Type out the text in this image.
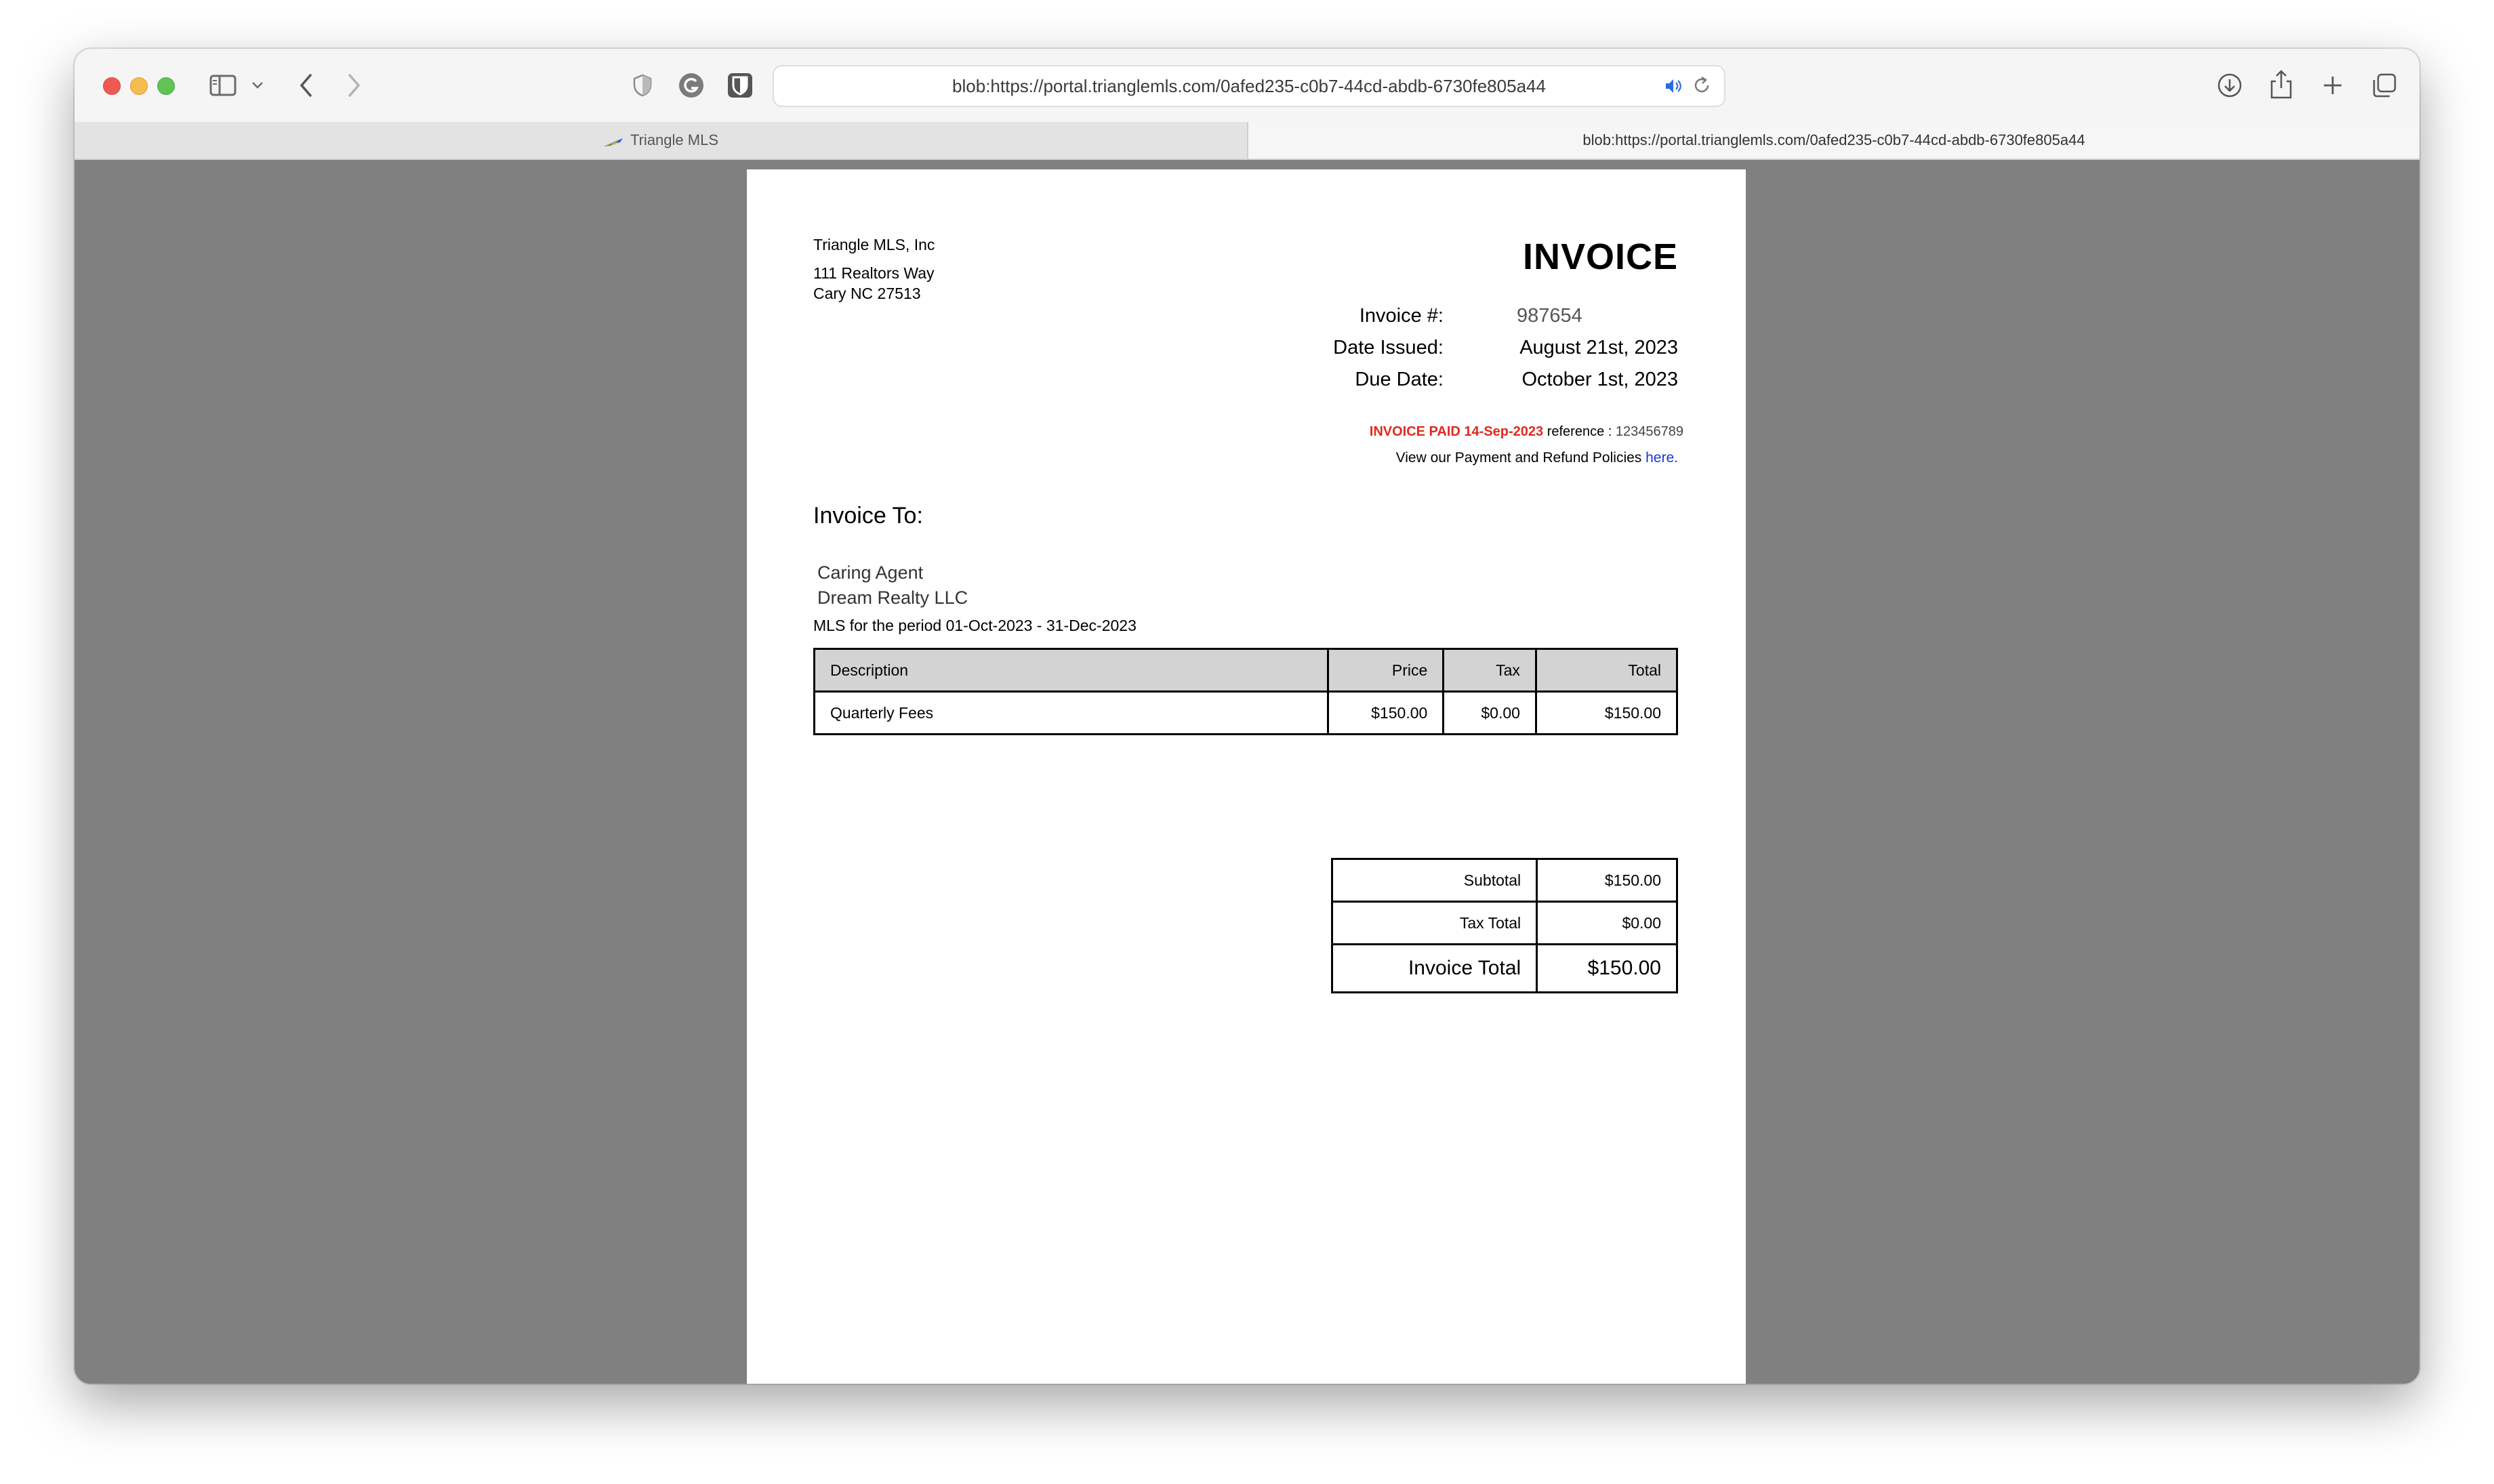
blob:https://portal.trianglemls.com/0afed235-c0b7-44cd-abdb-6730fe805a44
Triangle MLS	blob:https://portal.trianglemls.com/0afed235-c0b7-44cd-abdb-6730fe805a44
Triangle MLS, Inc
111 Realtors Way
Cary NC 27513
INVOICE
Invoice #:	987654
Date Issued:	August 21st, 2023
Due Date:	October 1st, 2023
INVOICE PAID 14-Sep-2023 reference : 123456789
View our Payment and Refund Policies here.
Invoice To:
Caring Agent
Dream Realty LLC
MLS for the period 01-Oct-2023 - 31-Dec-2023
Description	Price	Tax	Total
Quarterly Fees	$150.00	$0.00	$150.00
Subtotal	$150.00
Tax Total	$0.00
Invoice Total	$150.00
